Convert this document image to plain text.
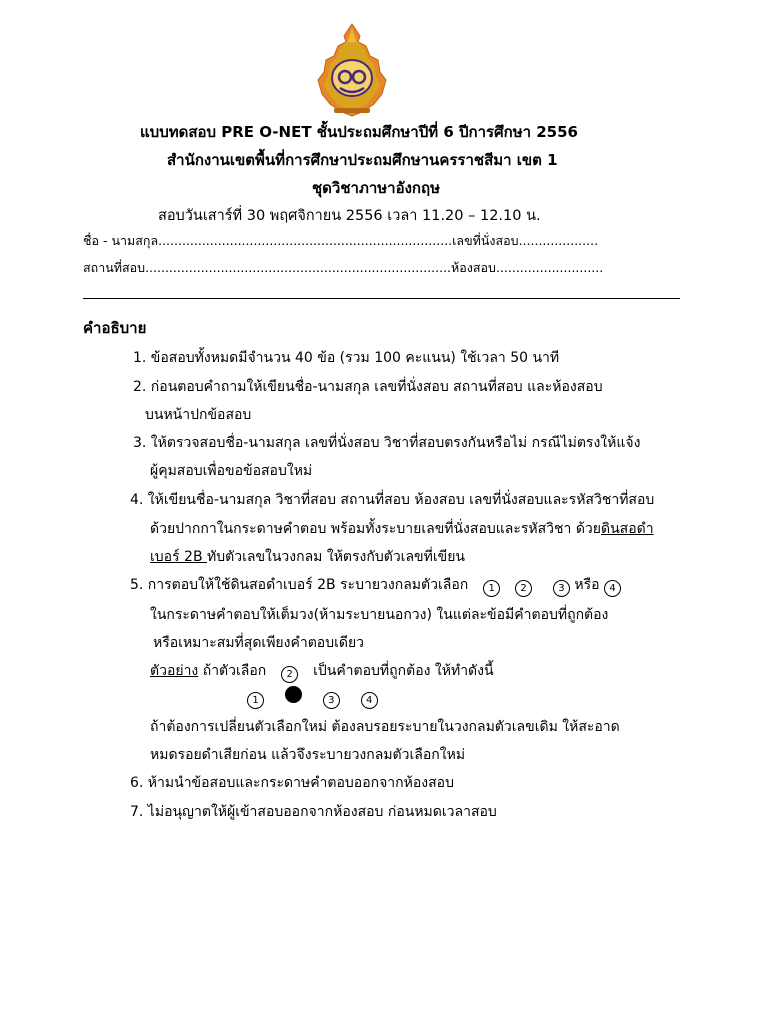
แบบทดสอบ PRE O-NET ชั้นประถมศึกษาปีที่ 6 ปีการศึกษา 2556
สำนักงานเขตพื้นที่การศึกษาประถมศึกษานครราชสีมา เขต 1
ชุดวิชาภาษาอังกฤษ
สอบวันเสาร์ที่ 30 พฤศจิกายน 2556 เวลา 11.20 – 12.10 น.
ชื่อ - นามสกุล..........................................................................เลขที่นั่งสอบ....................
สถานที่สอบ.............................................................................ห้องสอบ...........................
คำอธิบาย
1. ข้อสอบทั้งหมดมีจำนวน 40 ข้อ (รวม 100 คะแนน) ใช้เวลา 50 นาที
2. ก่อนตอบคำถามให้เขียนชื่อ-นามสกุล เลขที่นั่งสอบ สถานที่สอบ และห้องสอบ
บนหน้าปกข้อสอบ
3. ให้ตรวจสอบชื่อ-นามสกุล เลขที่นั่งสอบ วิชาที่สอบตรงกันหรือไม่ กรณีไม่ตรงให้แจ้ง
ผู้คุมสอบเพื่อขอข้อสอบใหม่
4. ให้เขียนชื่อ-นามสกุล วิชาที่สอบ สถานที่สอบ ห้องสอบ เลขที่นั่งสอบและรหัสวิชาที่สอบ
ด้วยปากกาในกระดาษคำตอบ พร้อมทั้งระบายเลขที่นั่งสอบและรหัสวิชา ด้วยดินสอดำ
เบอร์ 2B ทับตัวเลขในวงกลม ให้ตรงกับตัวเลขที่เขียน
5. การตอบให้ใช้ดินสอดำเบอร์ 2B ระบายวงกลมตัวเลือก 1	2	3 หรือ 4
ในกระดาษคำตอบให้เต็มวง(ห้ามระบายนอกวง) ในแต่ละข้อมีคำตอบที่ถูกต้อง
หรือเหมาะสมที่สุดเพียงคำตอบเดียว
ตัวอย่าง ถ้าตัวเลือก 2 เป็นคำตอบที่ถูกต้อง ให้ทำดังนี้
1	3	4
ถ้าต้องการเปลี่ยนตัวเลือกใหม่ ต้องลบรอยระบายในวงกลมตัวเลขเดิม ให้สะอาด
หมดรอยดำเสียก่อน แล้วจึงระบายวงกลมตัวเลือกใหม่
6. ห้ามนำข้อสอบและกระดาษคำตอบออกจากห้องสอบ
7. ไม่อนุญาตให้ผู้เข้าสอบออกจากห้องสอบ ก่อนหมดเวลาสอบ
